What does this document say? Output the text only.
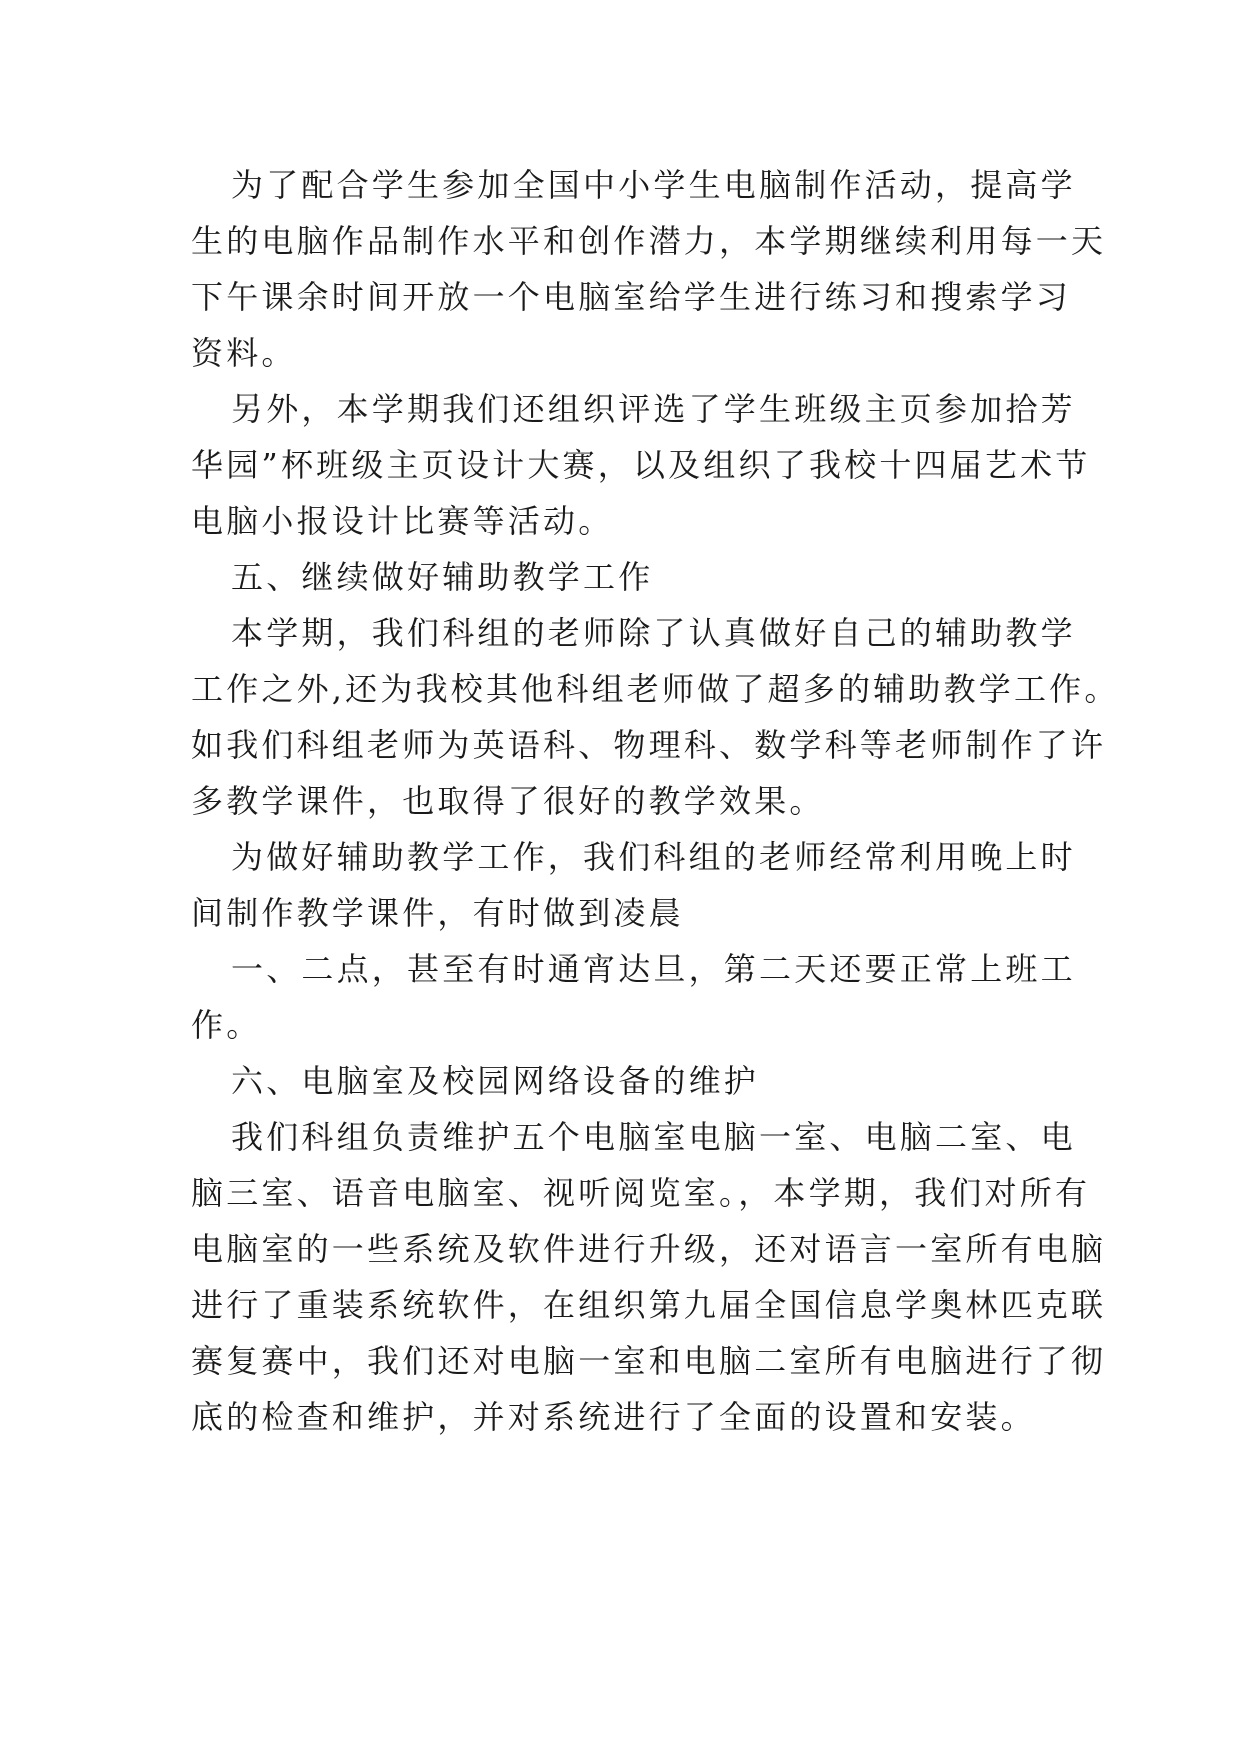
为了配合学生参加全国中小学生电脑制作活动，提高学
生的电脑作品制作水平和创作潜力，本学期继续利用每一天
下午课余时间开放一个电脑室给学生进行练习和搜索学习
资料。
另外，本学期我们还组织评选了学生班级主页参加拾芳
华园”杯班级主页设计大赛，以及组织了我校十四届艺术节
电脑小报设计比赛等活动。
五、继续做好辅助教学工作
本学期，我们科组的老师除了认真做好自己的辅助教学
工作之外,还为我校其他科组老师做了超多的辅助教学工作。
如我们科组老师为英语科、物理科、数学科等老师制作了许
多教学课件，也取得了很好的教学效果。
为做好辅助教学工作，我们科组的老师经常利用晚上时
间制作教学课件，有时做到凌晨
一、二点，甚至有时通宵达旦，第二天还要正常上班工
作。
六、电脑室及校园网络设备的维护
我们科组负责维护五个电脑室电脑一室、电脑二室、电
脑三室、语音电脑室、视听阅览室。，本学期，我们对所有
电脑室的一些系统及软件进行升级，还对语言一室所有电脑
进行了重装系统软件，在组织第九届全国信息学奥林匹克联
赛复赛中，我们还对电脑一室和电脑二室所有电脑进行了彻
底的检查和维护，并对系统进行了全面的设置和安装。
